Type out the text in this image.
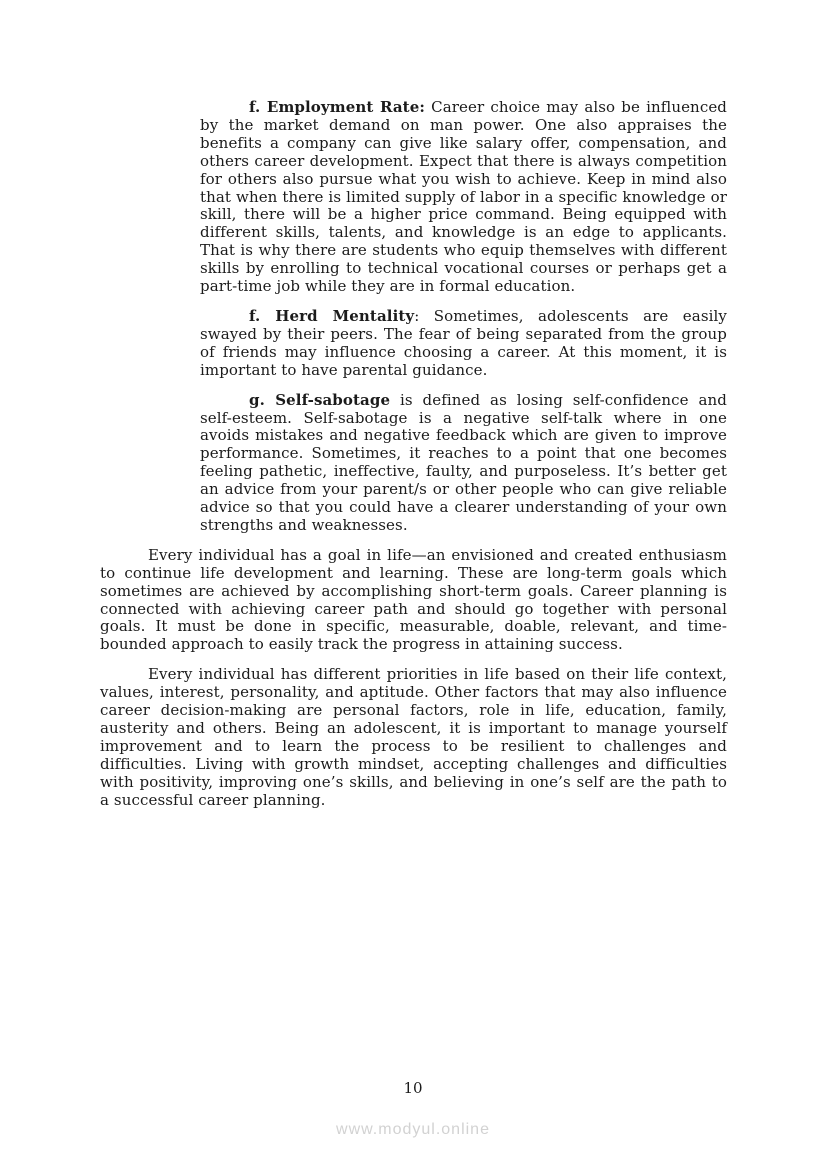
f. Employment Rate: Career choice may also be influenced by the market demand on man power. One also appraises the benefits a company can give like salary offer, compensation, and others career development. Expect that there is always competition for others also pursue what you wish to achieve. Keep in mind also that when there is limited supply of labor in a specific knowledge or skill, there will be a higher price command. Being equipped with different skills, talents, and knowledge is an edge to applicants. That is why there are students who equip themselves with different skills by enrolling to technical vocational courses or perhaps get a part-time job while they are in formal education.

f. Herd Mentality: Sometimes, adolescents are easily swayed by their peers. The fear of being separated from the group of friends may influence choosing a career. At this moment, it is important to have parental guidance.

g. Self-sabotage is defined as losing self-confidence and self-esteem. Self-sabotage is a negative self-talk where in one avoids mistakes and negative feedback which are given to improve performance. Sometimes, it reaches to a point that one becomes feeling pathetic, ineffective, faulty, and purposeless. It’s better get an advice from your parent/s or other people who can give reliable advice so that you could have a clearer understanding of your own strengths and weaknesses.

Every individual has a goal in life—an envisioned and created enthusiasm to continue life development and learning. These are long-term goals which sometimes are achieved by accomplishing short-term goals. Career planning is connected with achieving career path and should go together with personal goals. It must be done in specific, measurable, doable, relevant, and time-bounded approach to easily track the progress in attaining success.

Every individual has different priorities in life based on their life context, values, interest, personality, and aptitude. Other factors that may also influence career decision-making are personal factors, role in life, education, family, austerity and others. Being an adolescent, it is important to manage yourself improvement and to learn the process to be resilient to challenges and difficulties. Living with growth mindset, accepting challenges and difficulties with positivity, improving one’s skills, and believing in one’s self are the path to a successful career planning.

10
www.modyul.online
